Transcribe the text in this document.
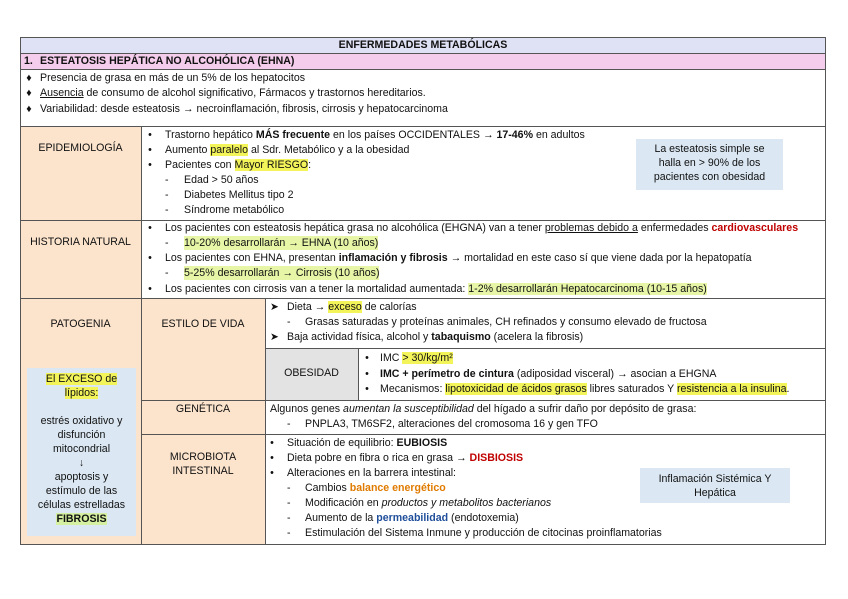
ENFERMEDADES METABÓLICAS
1. ESTEATOSIS HEPÁTICA NO ALCOHÓLICA (EHNA)
♦ Presencia de grasa en más de un 5% de los hepatocitos
♦ Ausencia de consumo de alcohol significativo, Fármacos y trastornos hereditarios.
♦ Variabilidad: desde esteatosis → necroinflamación, fibrosis, cirrosis y hepatocarcinoma
EPIDEMIOLOGÍA
• Trastorno hepático MÁS frecuente en los países OCCIDENTALES → 17-46% en adultos
• Aumento paralelo al Sdr. Metabólico y a la obesidad
• Pacientes con Mayor RIESGO:
- Edad > 50 años
- Diabetes Mellitus tipo 2
- Síndrome metabólico
La esteatosis simple se halla en > 90% de los pacientes con obesidad
HISTORIA NATURAL
• Los pacientes con esteatosis hepática grasa no alcohólica (EHGNA) van a tener problemas debido a enfermedades cardiovasculares
- 10-20% desarrollarán → EHNA (10 años)
• Los pacientes con EHNA, presentan inflamación y fibrosis → mortalidad en este caso sí que viene dada por la hepatopatía
- 5-25% desarrollarán → Cirrosis (10 años)
• Los pacientes con cirrosis van a tener la mortalidad aumentada: 1-2% desarrollarán Hepatocarcinoma (10-15 años)
PATOGENIA
El EXCESO de
lípidos:
estrés oxidativo y
disfunción
mitocondrial
↓
apoptosis y
estímulo de las
células estrelladas
FIBROSIS
ESTILO DE VIDA
➤ Dieta → exceso de calorías
- Grasas saturadas y proteínas animales, CH refinados y consumo elevado de fructosa
➤ Baja actividad física, alcohol y tabaquismo (acelera la fibrosis)
OBESIDAD
• IMC > 30/kg/m²
• IMC + perímetro de cintura (adiposidad visceral) → asocian a EHGNA
• Mecanismos: lipotoxicidad de ácidos grasos libres saturados Y resistencia a la insulina.
GENÉTICA	Algunos genes aumentan la susceptibilidad del hígado a sufrir daño por depósito de grasa:
- PNPLA3, TM6SF2, alteraciones del cromosoma 16 y gen TFO
MICROBIOTA
INTESTINAL
• Situación de equilibrio: EUBIOSIS
• Dieta pobre en fibra o rica en grasa → DISBIOSIS
• Alteraciones en la barrera intestinal:
- Cambios balance energético
- Modificación en productos y metabolitos bacterianos
- Aumento de la permeabilidad (endotoxemia)
- Estimulación del Sistema Inmune y producción de citocinas proinflamatorias
Inflamación Sistémica Y Hepática
